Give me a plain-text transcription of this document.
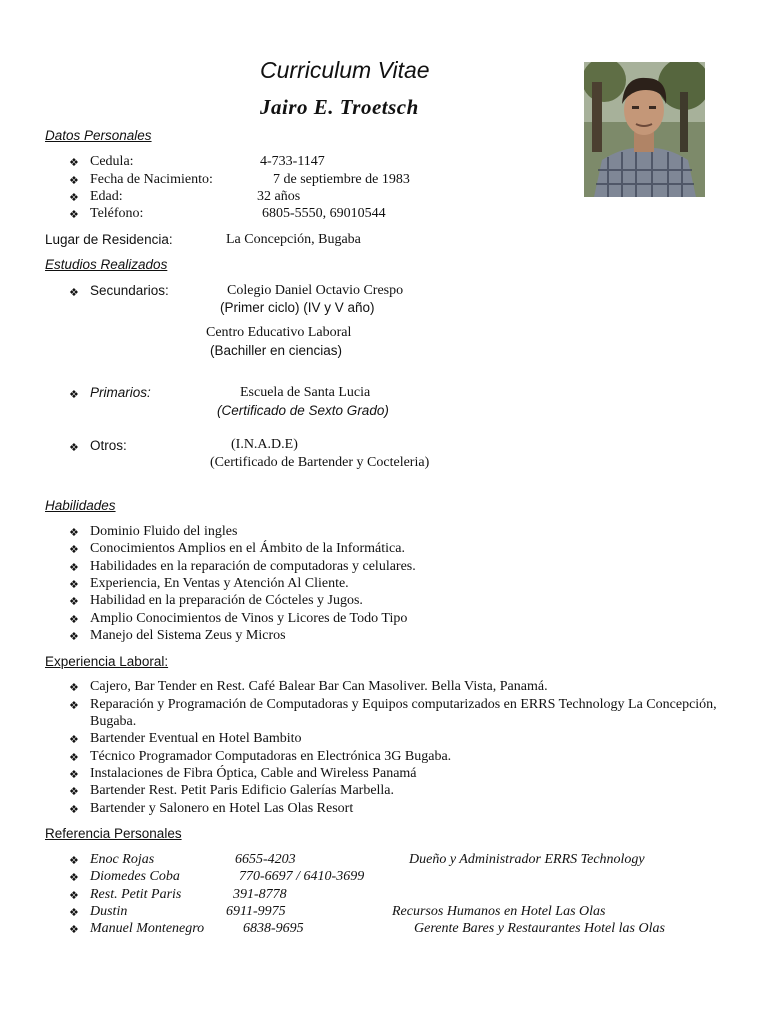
Curriculum Vitae
Jairo E. Troetsch
Datos Personales
❖ Cedula:	4-733-1147
❖ Fecha de Nacimiento:	7 de septiembre de 1983
❖ Edad:	32 años
❖ Teléfono:	6805-5550, 69010544
Lugar de Residencia:	La Concepción, Bugaba
Estudios Realizados
❖ Secundarios:	Colegio Daniel Octavio Crespo
(Primer ciclo) (IV y V año)
Centro Educativo Laboral
(Bachiller en ciencias)
❖ Primarios:	Escuela de Santa Lucia
(Certificado de Sexto Grado)
❖ Otros:	(I.N.A.D.E)
(Certificado de Bartender y Cocteleria)
Habilidades
❖ Dominio Fluido del ingles
❖ Conocimientos Amplios en el Ámbito de la Informática.
❖ Habilidades en la reparación de computadoras y celulares.
❖ Experiencia, En Ventas y Atención Al Cliente.
❖ Habilidad en la preparación de Cócteles y Jugos.
❖ Amplio Conocimientos de Vinos y Licores de Todo Tipo
❖ Manejo del Sistema Zeus y Micros
Experiencia Laboral:
❖ Cajero, Bar Tender en Rest. Café Balear Bar Can Masoliver. Bella Vista, Panamá.
❖ Reparación y Programación de Computadoras y Equipos computarizados en ERRS Technology La Concepción, Bugaba.
❖ Bartender Eventual en Hotel Bambito
❖ Técnico Programador Computadoras en Electrónica 3G Bugaba.
❖ Instalaciones de Fibra Óptica, Cable and Wireless Panamá
❖ Bartender Rest. Petit Paris Edificio Galerías Marbella.
❖ Bartender y Salonero en Hotel Las Olas Resort
Referencia Personales
❖ Enoc Rojas	6655-4203	Dueño y Administrador ERRS Technology
❖ Diomedes Coba	770-6697 / 6410-3699
❖ Rest. Petit Paris	391-8778
❖ Dustin	6911-9975	Recursos Humanos en Hotel Las Olas
❖ Manuel Montenegro	6838-9695	Gerente Bares y Restaurantes Hotel las Olas
